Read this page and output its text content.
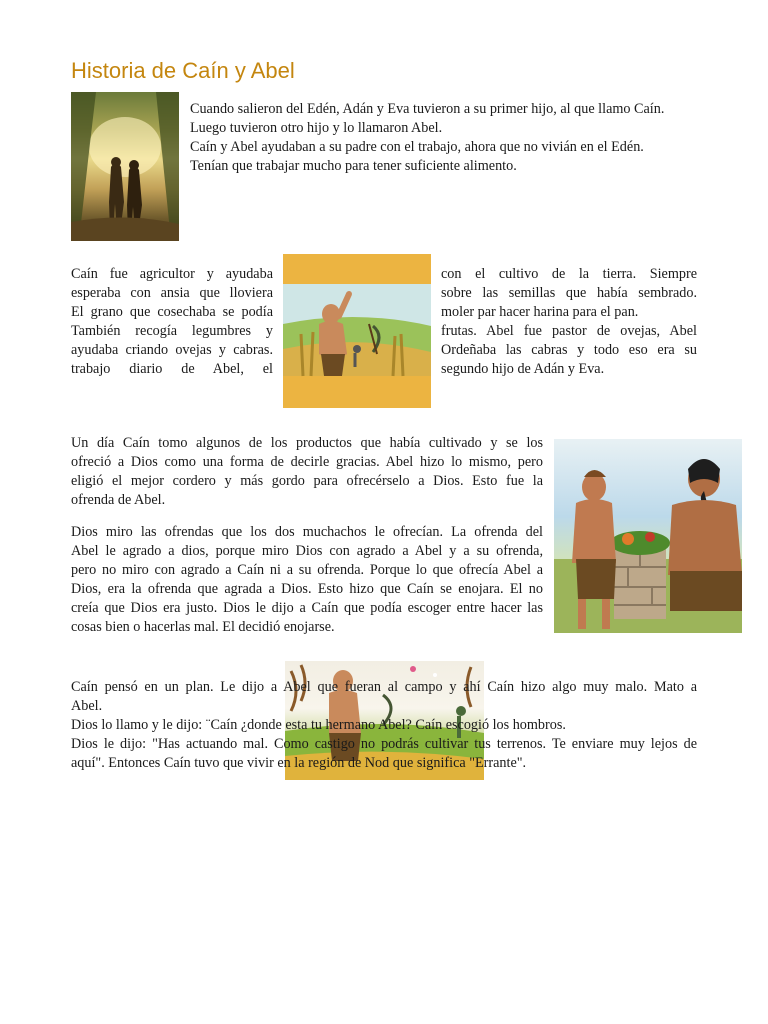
Historia de Caín y Abel

Cuando salieron del Edén, Adán y Eva tuvieron a su primer hijo, al que llamo Caín.
Luego tuvieron otro hijo y lo llamaron Abel.
Caín y Abel ayudaban a su padre con el trabajo, ahora que no vivián en el Edén.
Tenían que trabajar mucho para tener suficiente alimento.

Caín fue agricultor y ayudaba
esperaba con ansia que lloviera
El grano que cosechaba se podía
También recogía legumbres y
ayudaba criando ovejas y cabras.
trabajo diario de Abel, el
con el cultivo de la tierra. Siempre
sobre las semillas que había sembrado.
moler par hacer harina para el pan.
frutas. Abel fue pastor de ovejas, Abel
Ordeñaba las cabras y todo eso era su
segundo hijo de Adán y Eva.
Un día Caín tomo algunos de los productos que había cultivado y se los
ofreció a Dios como una forma de decirle gracias. Abel hizo lo mismo, pero
eligió el mejor cordero y más gordo para ofrecérselo a Dios. Esto fue la
ofrenda de Abel.
Dios miro las ofrendas que los dos muchachos le ofrecían. La ofrenda del
Abel le agrado a dios, porque miro Dios con agrado a Abel y a su ofrenda,
pero no miro con agrado a Caín ni a su ofrenda. Porque lo que ofrecía Abel a
Dios, era la ofrenda que agrada a Dios. Esto hizo que Caín se enojara. El no
creía que Dios era justo. Dios le dijo a Caín que podía escoger entre hacer las
cosas bien o hacerlas mal. El decidió enojarse.

Caín pensó en un plan. Le dijo a Abel que fueran al campo y ahí Caín hizo algo muy malo. Mato a
Abel.
Dios lo llamo y le dijo: ¨Caín ¿donde esta tu hermano Abel? Caín escogió los hombros.
Dios le dijo: "Has actuando mal. Como castigo no podrás cultivar tus terrenos. Te enviare muy lejos de
aquí". Entonces Caín tuvo que vivir en la región de Nod que significa "Errante".
